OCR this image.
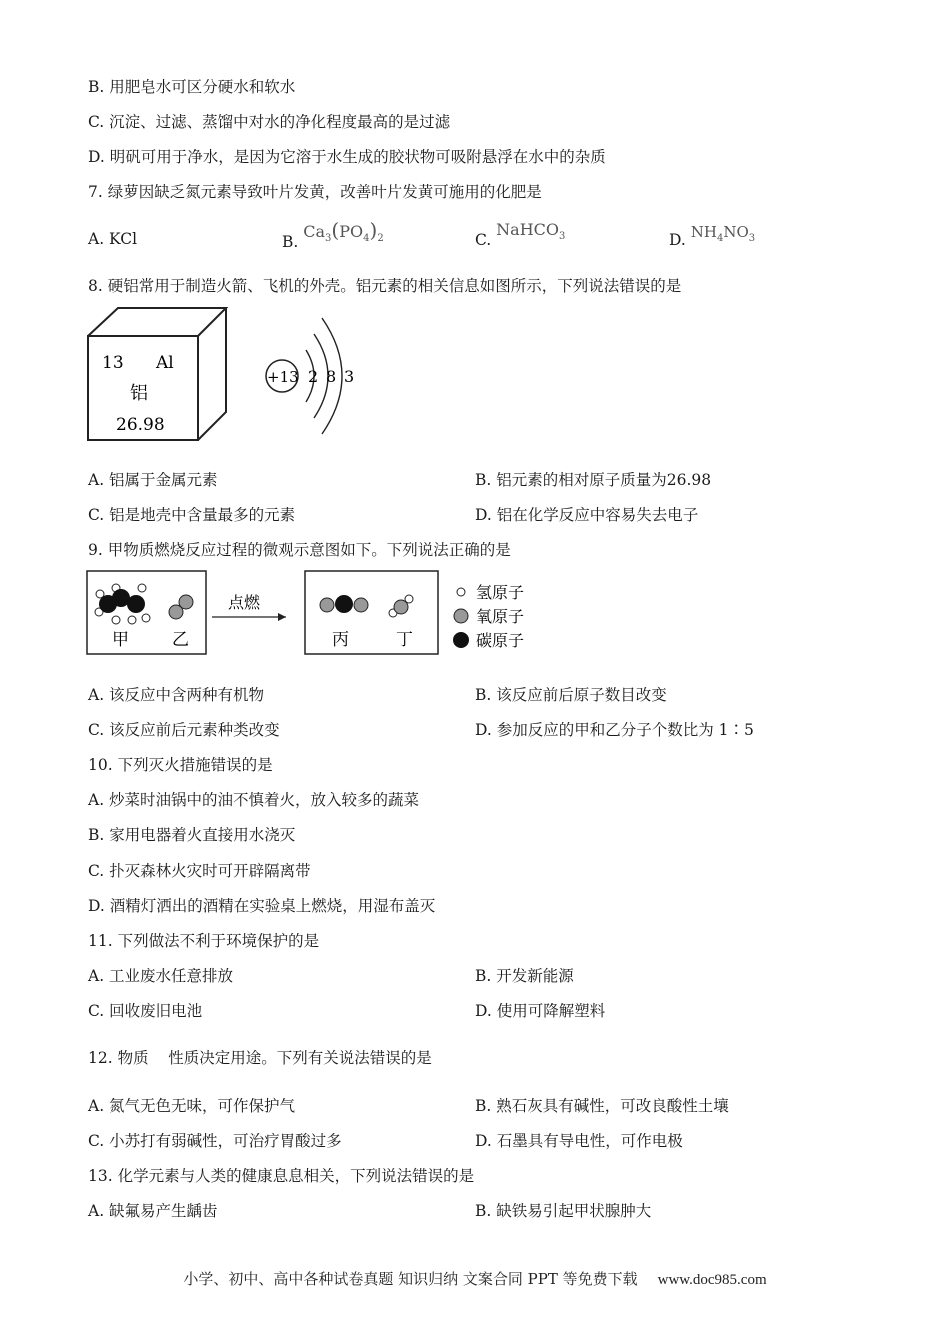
B. 用肥皂水可区分硬水和软水
C. 沉淀、过滤、蒸馏中对水的净化程度最高的是过滤
D. 明矾可用于净水，是因为它溶于水生成的胶状物可吸附悬浮在水中的杂质
7. 绿萝因缺乏氮元素导致叶片发黄，改善叶片发黄可施用的化肥是
A. KCl	B. $Ca_3(PO_4)_2$	C. NaHCO$_3$	D. $NH_4NO_3$
8. 硬铝常用于制造火箭、飞机的外壳。铝元素的相关信息如图所示，下列说法错误的是
13 Al
铝
26.98
+13 2 8 3
A. 铝属于金属元素	B. 铝元素的相对原子质量为26.98
C. 铝是地壳中含量最多的元素	D. 铝在化学反应中容易失去电子
9. 甲物质燃烧反应过程的微观示意图如下。下列说法正确的是
甲	乙
点燃
丙	丁
氢原子
氧原子
碳原子
A. 该反应中含两种有机物	B. 该反应前后原子数目改变
C. 该反应前后元素种类改变	D. 参加反应的甲和乙分子个数比为 1∶5
10. 下列灭火措施错误的是
A. 炒菜时油锅中的油不慎着火，放入较多的蔬菜
B. 家用电器着火直接用水浇灭
C. 扑灭森林火灾时可开辟隔离带
D. 酒精灯洒出的酒精在实验桌上燃烧，用湿布盖灭
11. 下列做法不利于环境保护的是
A. 工业废水任意排放	B. 开发新能源
C. 回收废旧电池	D. 使用可降解塑料
12. 物质    性质决定用途。下列有关说法错误的是
A. 氮气无色无味，可作保护气	B. 熟石灰具有碱性，可改良酸性土壤
C. 小苏打有弱碱性，可治疗胃酸过多	D. 石墨具有导电性，可作电极
13. 化学元素与人类的健康息息相关，下列说法错误的是
A. 缺氟易产生龋齿	B. 缺铁易引起甲状腺肿大
小学、初中、高中各种试卷真题 知识归纳 文案合同 PPT 等免费下载 www.doc985.com
